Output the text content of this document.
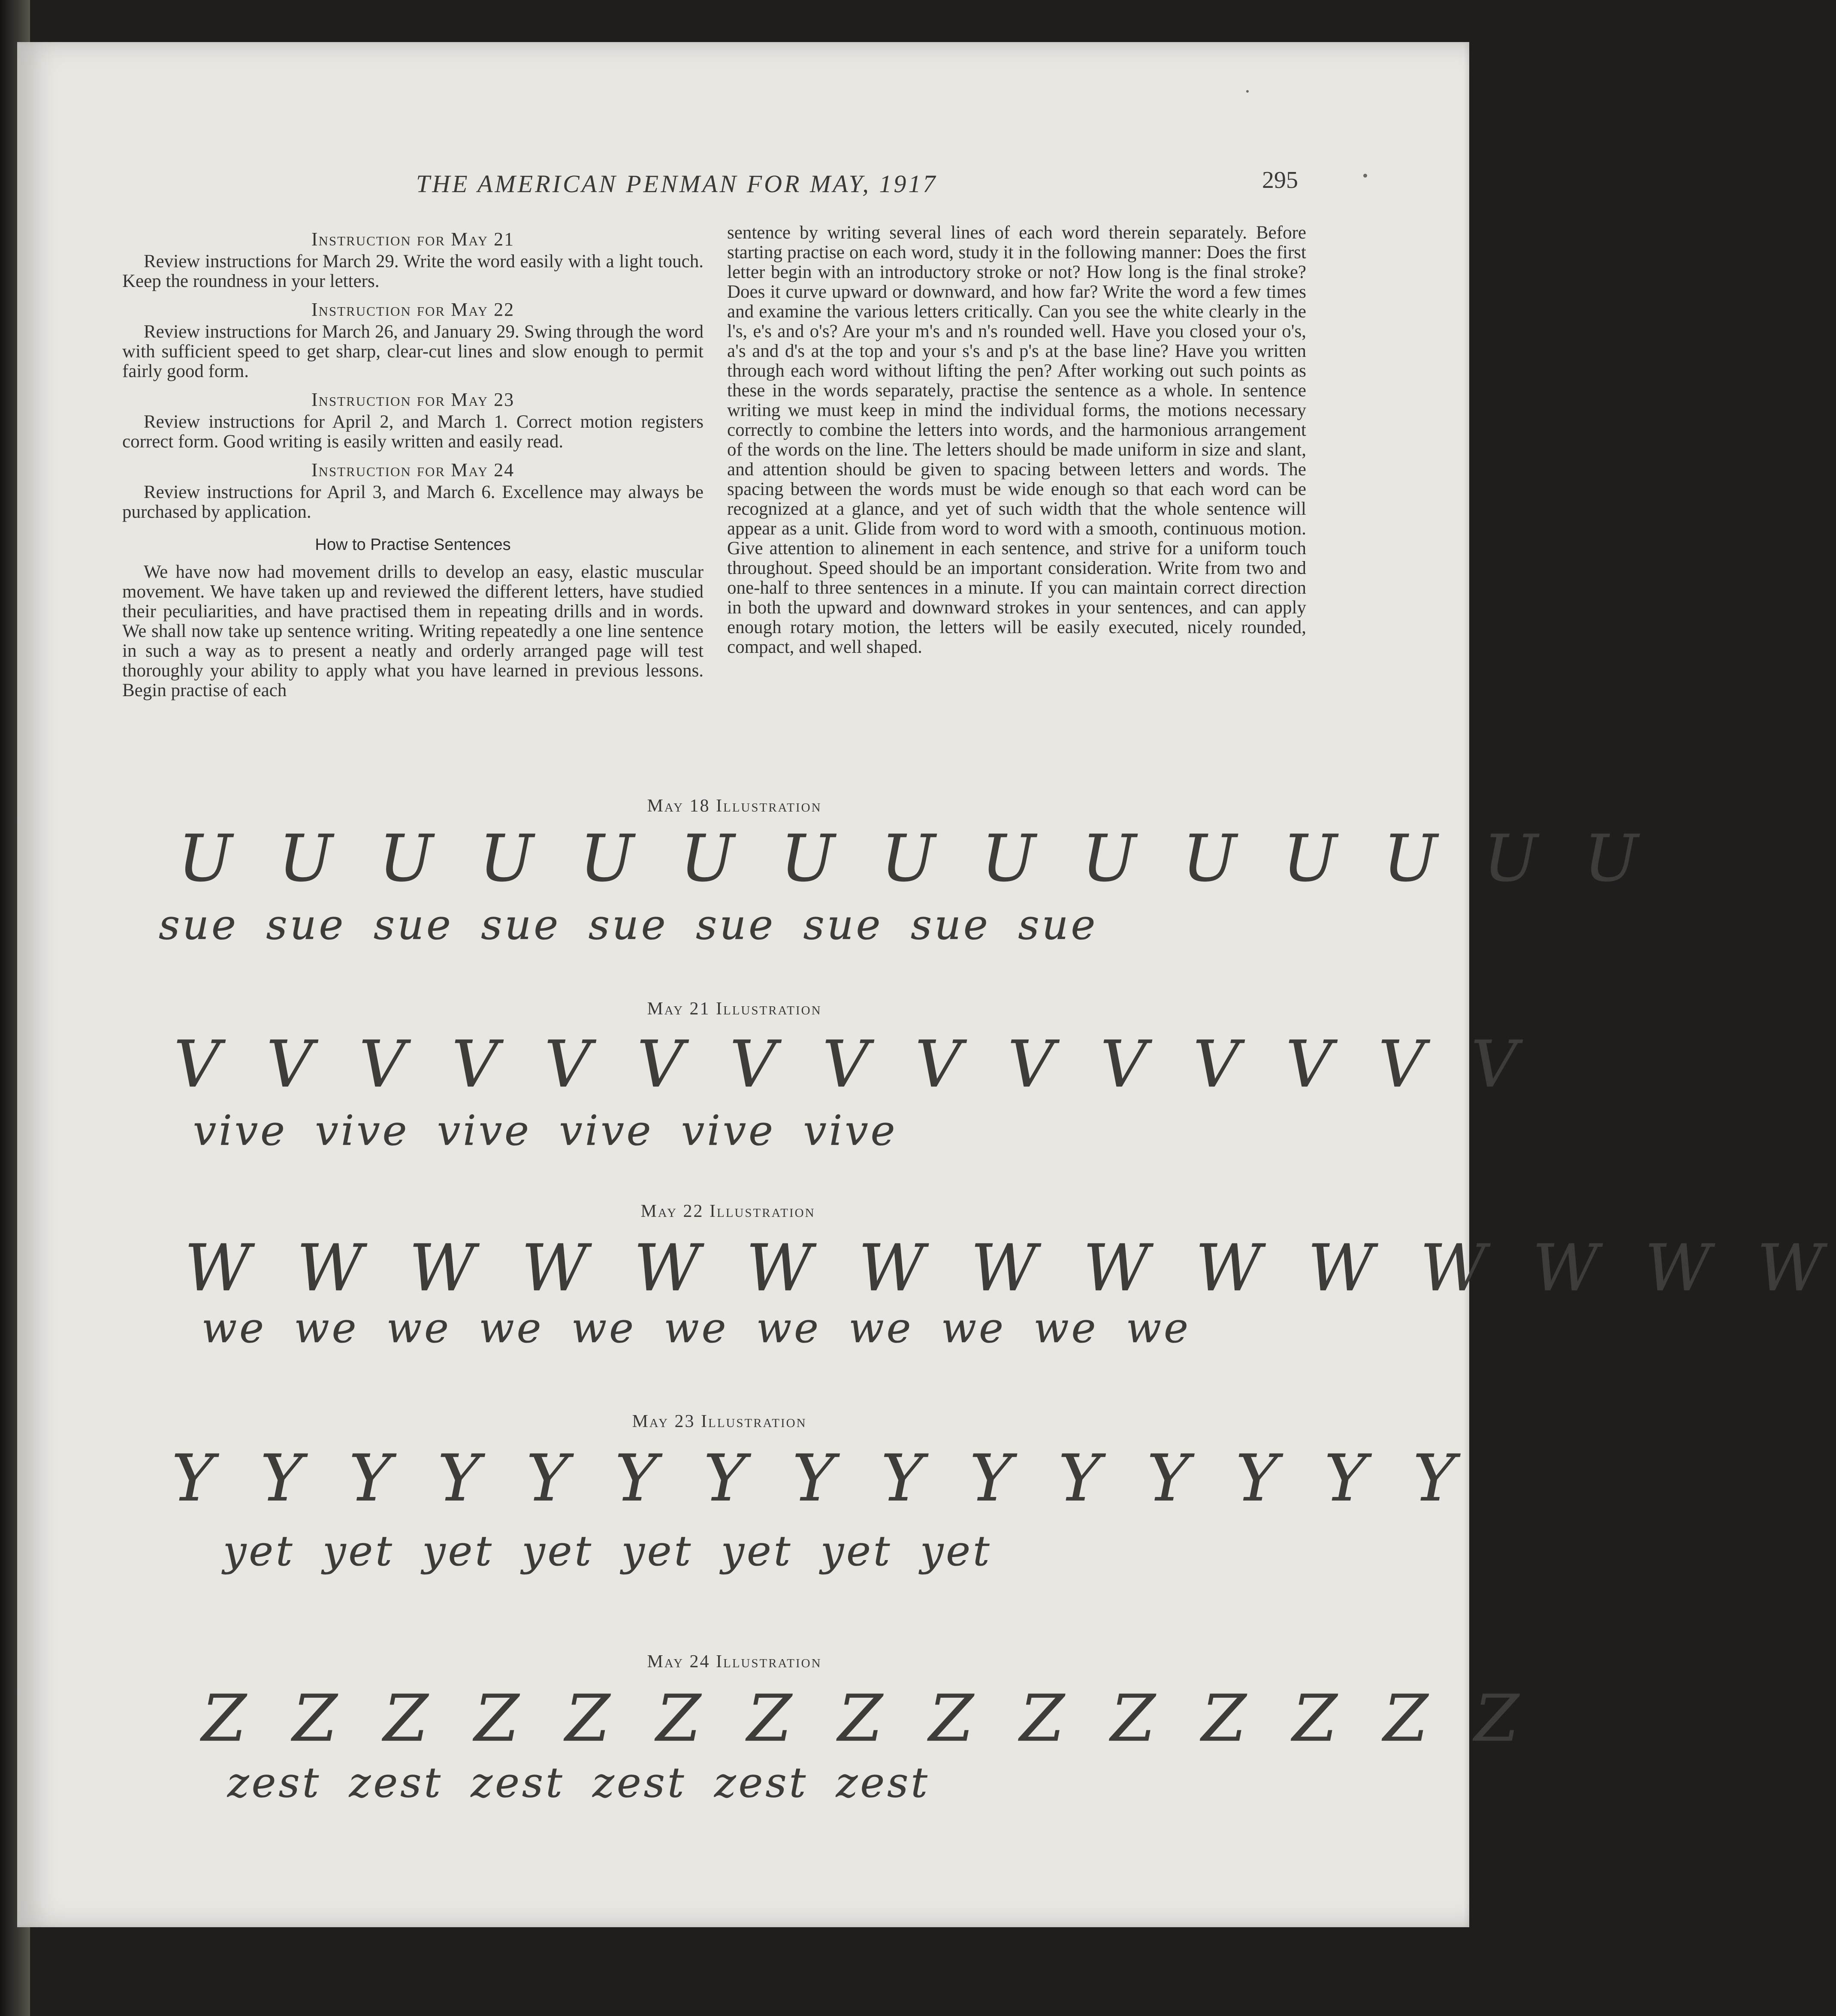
THE AMERICAN PENMAN FOR MAY, 1917	295
Instruction for May 21

Review instructions for March 29. Write the word easily with a light touch. Keep the roundness in your letters.

Instruction for May 22

Review instructions for March 26, and January 29. Swing through the word with sufficient speed to get sharp, clear-cut lines and slow enough to permit fairly good form.

Instruction for May 23

Review instructions for April 2, and March 1. Correct motion registers correct form. Good writing is easily written and easily read.

Instruction for May 24

Review instructions for April 3, and March 6. Excellence may always be purchased by application.

How to Practise Sentences

We have now had movement drills to develop an easy, elastic muscular movement. We have taken up and reviewed the different letters, have studied their peculiarities, and have practised them in repeating drills and in words. We shall now take up sentence writing. Writing repeatedly a one line sentence in such a way as to present a neatly and orderly arranged page will test thoroughly your ability to apply what you have learned in previous lessons. Begin practise of each

sentence by writing several lines of each word therein separately. Before starting practise on each word, study it in the following manner: Does the first letter begin with an introductory stroke or not? How long is the final stroke? Does it curve upward or downward, and how far? Write the word a few times and examine the various letters critically. Can you see the white clearly in the l's, e's and o's? Are your m's and n's rounded well. Have you closed your o's, a's and d's at the top and your s's and p's at the base line? Have you written through each word without lifting the pen? After working out such points as these in the words separately, practise the sentence as a whole. In sentence writing we must keep in mind the individual forms, the motions necessary correctly to combine the letters into words, and the harmonious arrangement of the words on the line. The letters should be made uniform in size and slant, and attention should be given to spacing between letters and words. The spacing between the words must be wide enough so that each word can be recognized at a glance, and yet of such width that the whole sentence will appear as a unit. Glide from word to word with a smooth, continuous motion. Give attention to alinement in each sentence, and strive for a uniform touch throughout. Speed should be an important consideration. Write from two and one-half to three sentences in a minute. If you can maintain correct direction in both the upward and downward strokes in your sentences, and can apply enough rotary motion, the letters will be easily executed, nicely rounded, compact, and well shaped.

May 18 Illustration
U U U U U U U U U U U U U U U
sue sue sue sue sue sue sue sue sue
May 21 Illustration
V V V V V V V V V V V V V V V
vive vive vive vive vive vive
May 22 Illustration
W W W W W W W W W W W W W W W
we we we we we we we we we we we
May 23 Illustration
Y Y Y Y Y Y Y Y Y Y Y Y Y Y Y
yet yet yet yet yet yet yet yet
May 24 Illustration
Z Z Z Z Z Z Z Z Z Z Z Z Z Z Z
zest zest zest zest zest zest
